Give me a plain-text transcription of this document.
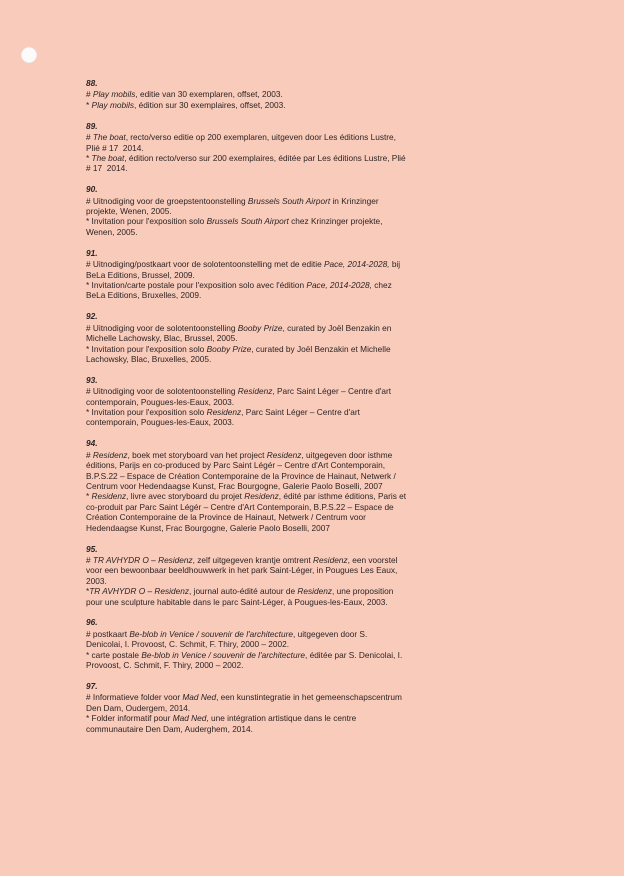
88.
# Play mobils, editie van 30 exemplaren, offset, 2003.
* Play mobils, édition sur 30 exemplaires, offset, 2003.
89.
# The boat, recto/verso editie op 200 exemplaren, uitgeven door Les éditions Lustre,
Plié # 17  2014.
* The boat, édition recto/verso sur 200 exemplaires, éditée par Les éditions Lustre, Plié
# 17  2014.
90.
# Uitnodiging voor de groepstentoonstelling Brussels South Airport in Krinzinger
projekte, Wenen, 2005.
* Invitation pour l'exposition solo Brussels South Airport chez Krinzinger projekte,
Wenen, 2005.
91.
# Uitnodiging/postkaart voor de solotentoonstelling met de editie Pace, 2014-2028, bij
BeLa Editions, Brussel, 2009.
* Invitation/carte postale pour l'exposition solo avec l'édition Pace, 2014-2028, chez
BeLa Editions, Bruxelles, 2009.
92.
# Uitnodiging voor de solotentoonstelling Booby Prize, curated by Joël Benzakin en
Michelle Lachowsky, Blac, Brussel, 2005.
* Invitation pour l'exposition solo Booby Prize, curated by Joël Benzakin et Michelle
Lachowsky, Blac, Bruxelles, 2005.
93.
# Uitnodiging voor de solotentoonstelling Residenz, Parc Saint Léger – Centre d'art
contemporain, Pougues-les-Eaux, 2003.
* Invitation pour l'exposition solo Residenz, Parc Saint Léger – Centre d'art
contemporain, Pougues-les-Eaux, 2003.
94.
# Residenz, boek met storyboard van het project Residenz, uitgegeven door isthme
éditions, Parijs en co-produced by Parc Saint Légér – Centre d'Art Contemporain,
B.P.S.22 – Espace de Création Contemporaine de la Province de Hainaut, Netwerk /
Centrum voor Hedendaagse Kunst, Frac Bourgogne, Galerie Paolo Boselli, 2007
* Residenz, livre avec storyboard du projet Residenz, édité par isthme éditions, Paris et
co-produit par Parc Saint Légér – Centre d'Art Contemporain, B.P.S.22 – Espace de
Création Contemporaine de la Province de Hainaut, Netwerk / Centrum voor
Hedendaagse Kunst, Frac Bourgogne, Galerie Paolo Boselli, 2007
95.
# TR AVHYDR O – Residenz, zelf uitgegeven krantje omtrent Residenz, een voorstel
voor een bewoonbaar beeldhouwwerk in het park Saint-Léger, in Pougues Les Eaux,
2003.
*TR AVHYDR O – Residenz, journal auto-édité autour de Residenz, une proposition
pour une sculpture habitable dans le parc Saint-Léger, à Pougues-les-Eaux, 2003.
96.
# postkaart Be-blob in Venice / souvenir de l'architecture, uitgegeven door S.
Denicolai, I. Provoost, C. Schmit, F. Thiry, 2000 – 2002.
* carte postale Be-blob in Venice / souvenir de l'architecture, éditée par S. Denicolai, I.
Provoost, C. Schmit, F. Thiry, 2000 – 2002.
97.
# Informatieve folder voor Mad Ned, een kunstintegratie in het gemeenschapscentrum
Den Dam, Oudergem, 2014.
* Folder informatif pour Mad Ned, une intégration artistique dans le centre
communautaire Den Dam, Auderghem, 2014.
